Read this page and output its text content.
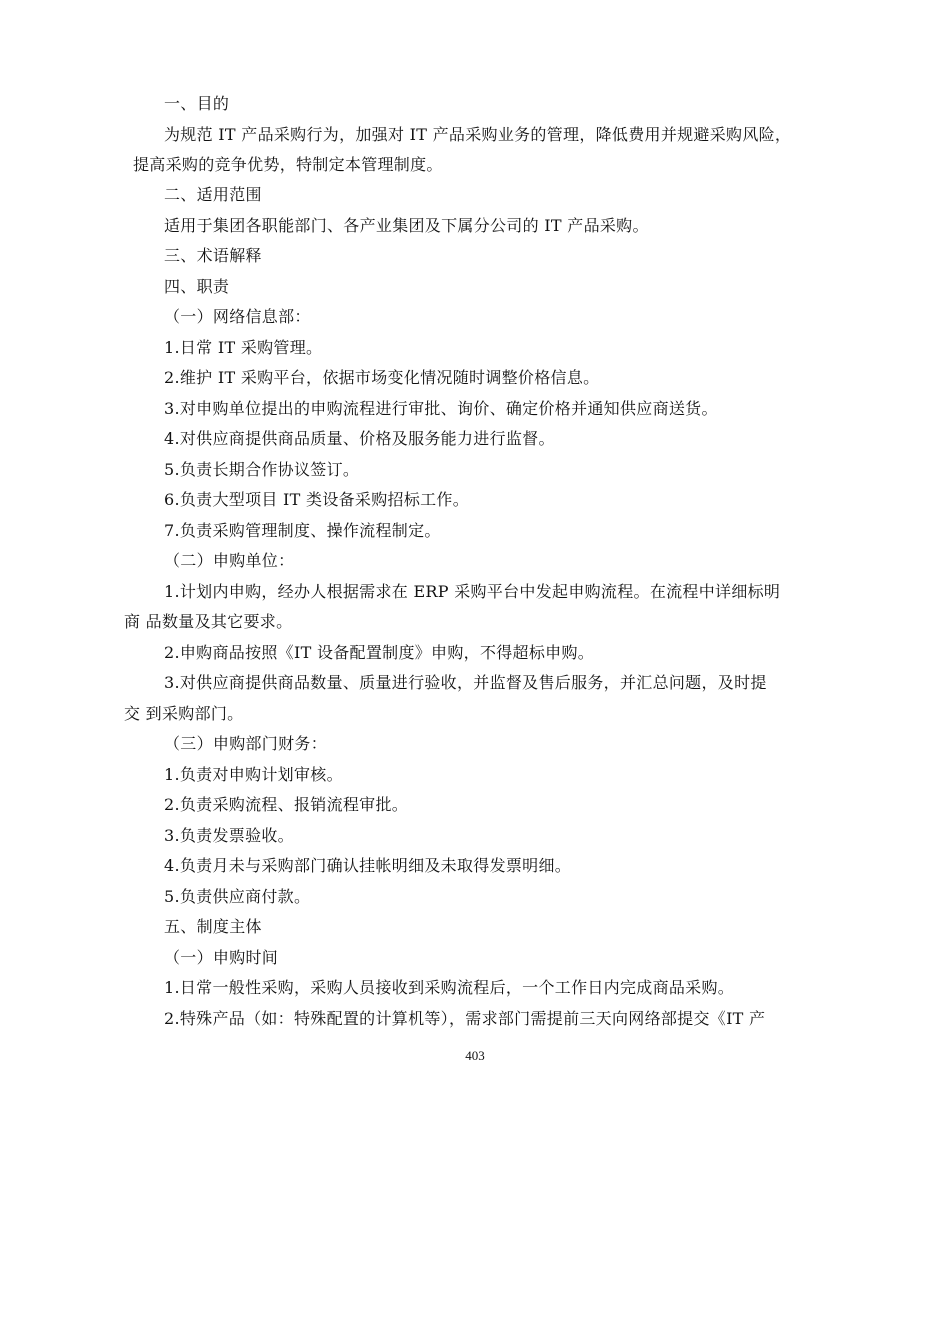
一、目的
为规范 IT 产品采购行为，加强对 IT 产品采购业务的管理，降低费用并规避采购风险，
提高采购的竞争优势，特制定本管理制度。
二、适用范围
适用于集团各职能部门、各产业集团及下属分公司的 IT 产品采购。
三、术语解释
四、职责
（一）网络信息部：
1.日常 IT 采购管理。
2.维护 IT 采购平台，依据市场变化情况随时调整价格信息。
3.对申购单位提出的申购流程进行审批、询价、确定价格并通知供应商送货。
4.对供应商提供商品质量、价格及服务能力进行监督。
5.负责长期合作协议签订。
6.负责大型项目 IT 类设备采购招标工作。
7.负责采购管理制度、操作流程制定。
（二）申购单位：
1.计划内申购，经办人根据需求在 ERP 采购平台中发起申购流程。在流程中详细标明
商 品数量及其它要求。
2.申购商品按照《IT 设备配置制度》申购，不得超标申购。
3.对供应商提供商品数量、质量进行验收，并监督及售后服务，并汇总问题，及时提
交 到采购部门。
（三）申购部门财务：
1.负责对申购计划审核。
2.负责采购流程、报销流程审批。
3.负责发票验收。
4.负责月未与采购部门确认挂帐明细及未取得发票明细。
5.负责供应商付款。
五、制度主体
（一）申购时间
1.日常一般性采购，采购人员接收到采购流程后，一个工作日内完成商品采购。
2.特殊产品（如：特殊配置的计算机等），需求部门需提前三天向网络部提交《IT 产
403
